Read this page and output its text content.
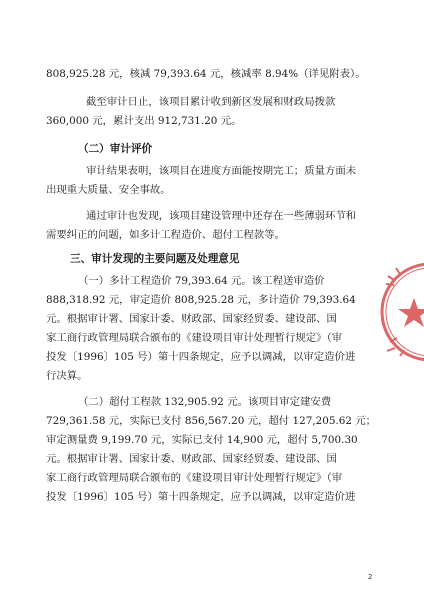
808,925.28 元，核减 79,393.64 元，核减率 8.94%（详见附表）。

截至审计日止，该项目累计收到新区发展和财政局拨款

360,000 元，累计支出 912,731.20 元。

（二）审计评价

审计结果表明，该项目在进度方面能按期完工；质量方面未

出现重大质量、安全事故。

通过审计也发现，该项目建设管理中还存在一些薄弱环节和

需要纠正的问题，如多计工程造价、超付工程款等。

三、审计发现的主要问题及处理意见

（一）多计工程造价 79,393.64 元。该工程送审造价

888,318.92 元，审定造价 808,925.28 元，多计造价 79,393.64

元。根据审计署、国家计委、财政部、国家经贸委、建设部、国

家工商行政管理局联合颁布的《建设项目审计处理暂行规定》（审

投发〔1996〕105 号）第十四条规定，应予以调减，以审定造价进

行决算。

（二）超付工程款 132,905.92 元。该项目审定建安费

729,361.58 元，实际已支付 856,567.20 元，超付 127,205.62 元；

审定测量费 9,199.70 元，实际已支付 14,900 元，超付 5,700.30

元。根据审计署、国家计委、财政部、国家经贸委、建设部、国

家工商行政管理局联合颁布的《建设项目审计处理暂行规定》（审

投发〔1996〕105 号）第十四条规定，应予以调减，以审定造价进

2
